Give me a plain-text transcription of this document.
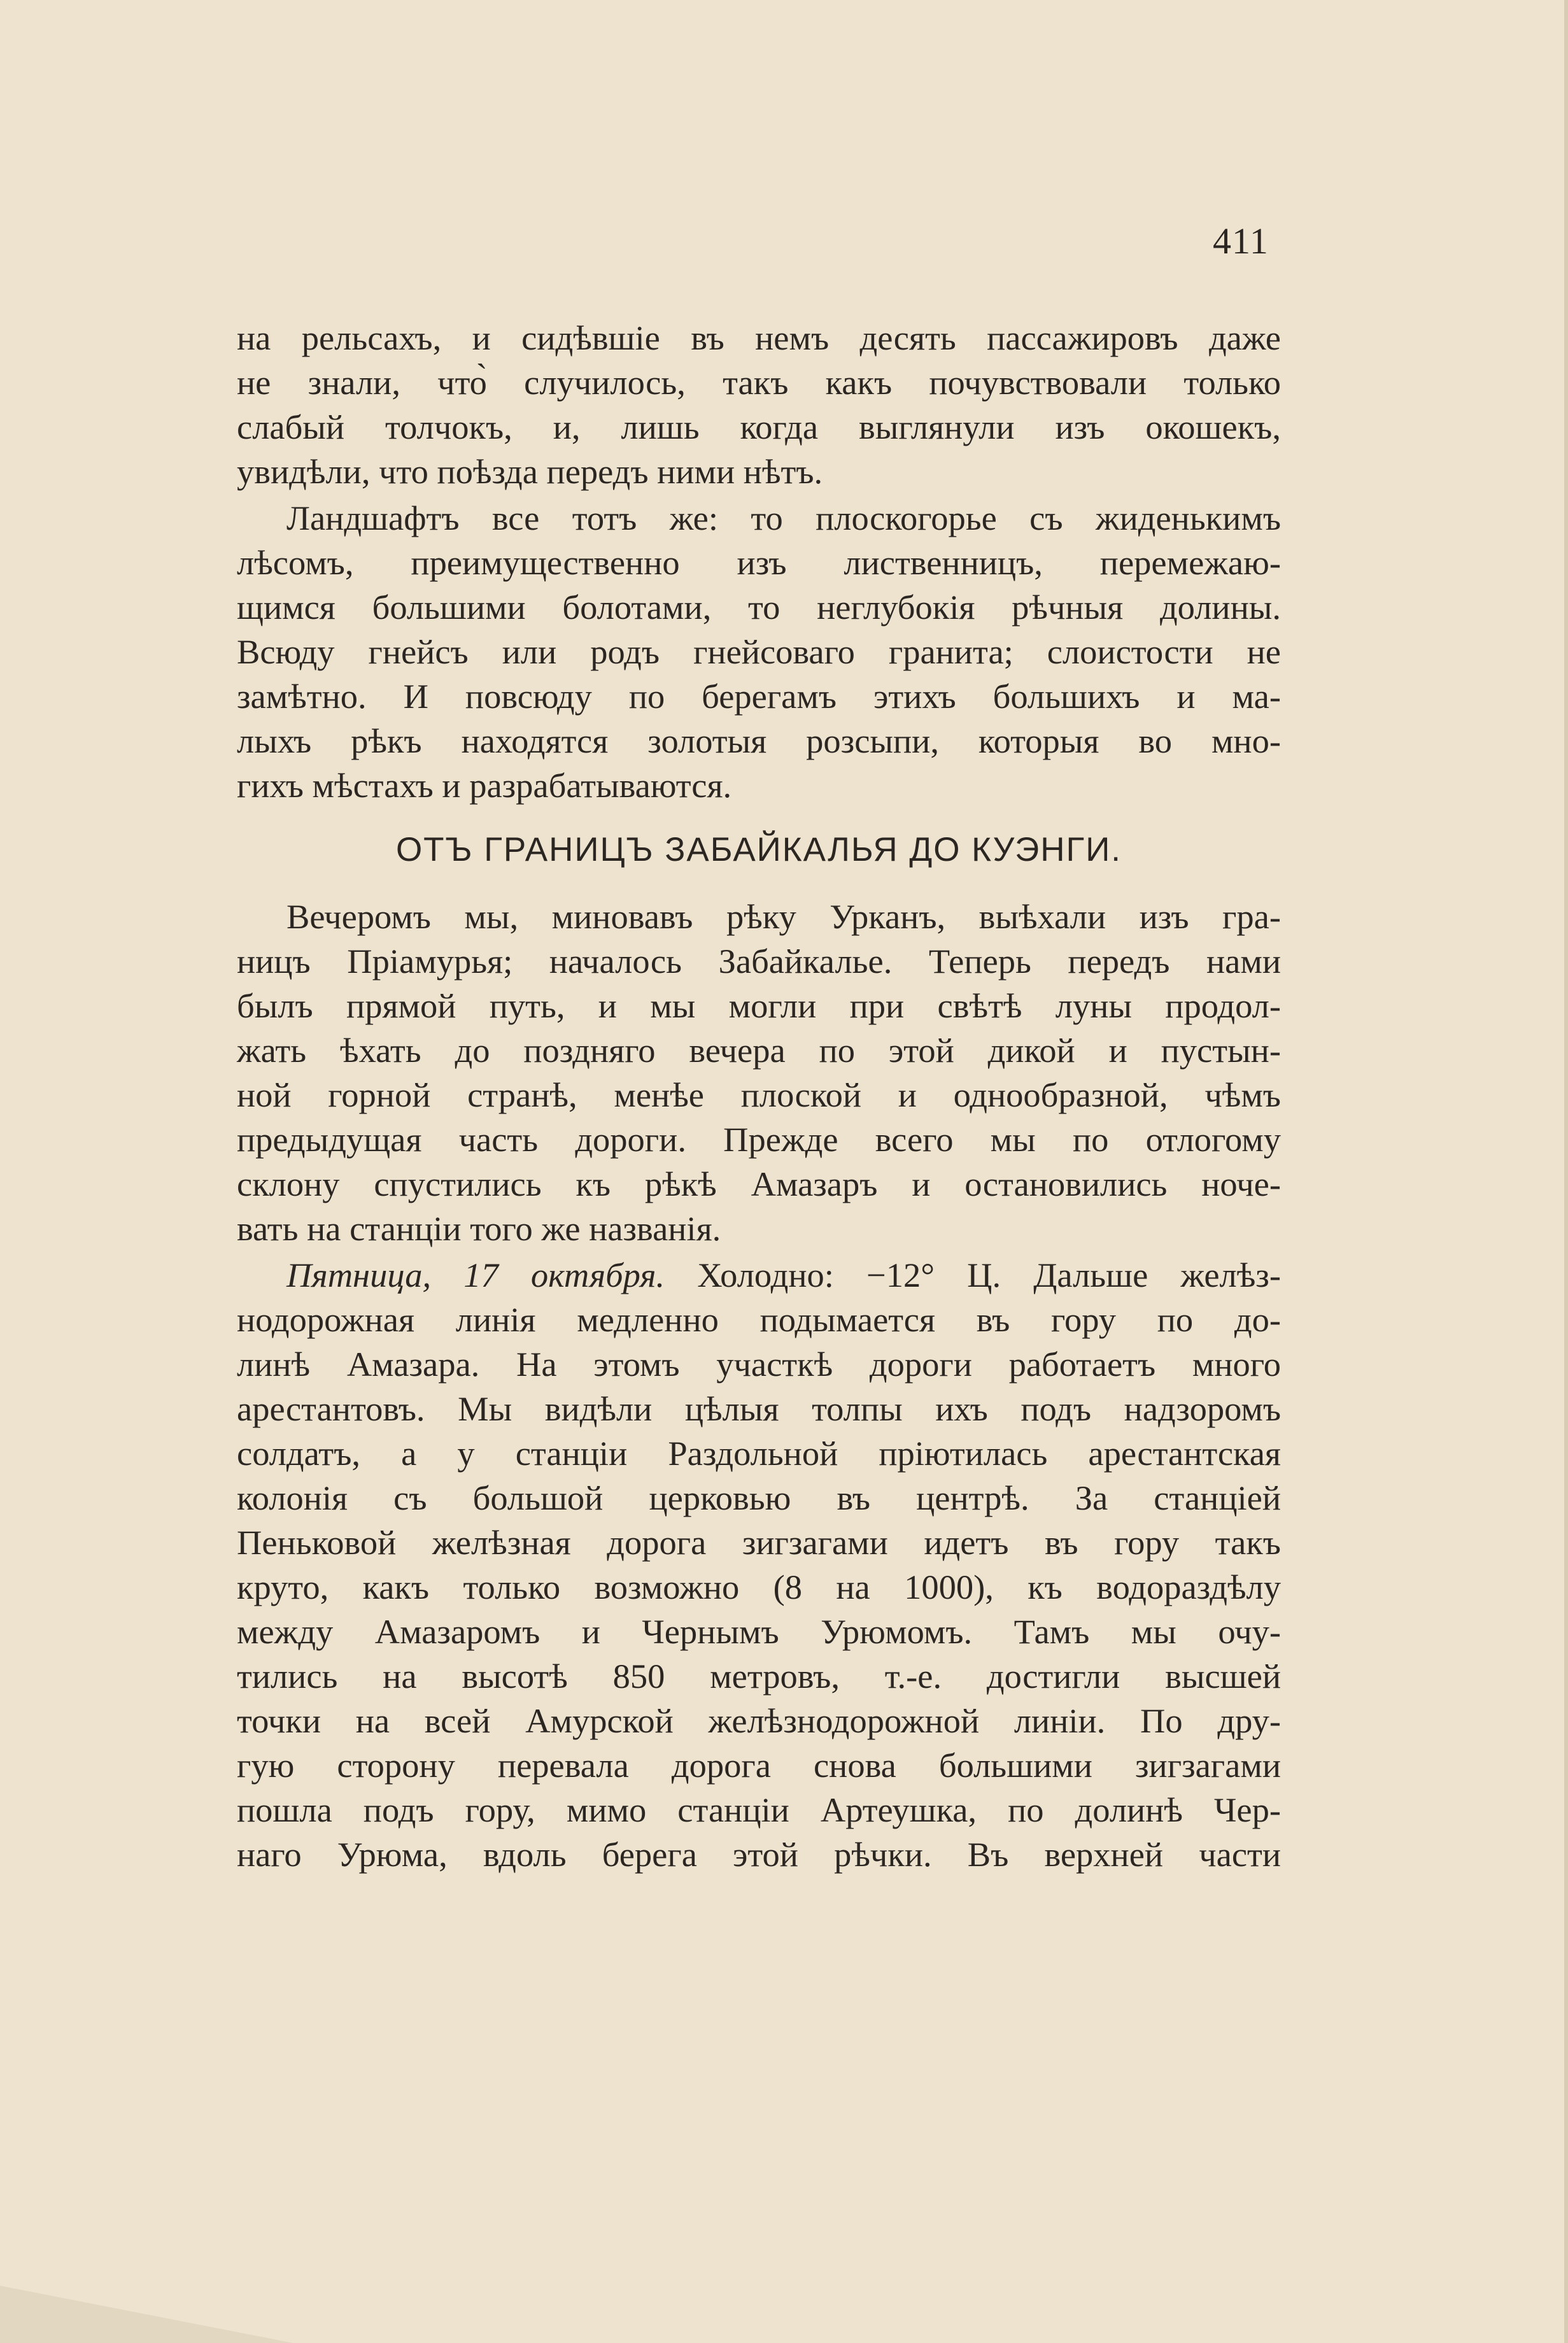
411
на рельсахъ, и сидѣвшіе въ немъ десять пассажировъ даже
не знали, что̀ случилось, такъ какъ почувствовали только
слабый толчокъ, и, лишь когда выглянули изъ окошекъ,
увидѣли, что поѣзда передъ ними нѣтъ.
Ландшафтъ все тотъ же: то плоскогорье съ жиденькимъ
лѣсомъ, преимущественно изъ лиственницъ, перемежаю-
щимся большими болотами, то неглубокія рѣчныя долины.
Всюду гнейсъ или родъ гнейсоваго гранита; слоистости не
замѣтно. И повсюду по берегамъ этихъ большихъ и ма-
лыхъ рѣкъ находятся золотыя розсыпи, которыя во мно-
гихъ мѣстахъ и разрабатываются.
ОТЪ ГРАНИЦЪ ЗАБАЙКАЛЬЯ ДО КУЭНГИ.
Вечеромъ мы, миновавъ рѣку Урканъ, выѣхали изъ гра-
ницъ Пріамурья; началось Забайкалье. Теперь передъ нами
былъ прямой путь, и мы могли при свѣтѣ луны продол-
жать ѣхать до поздняго вечера по этой дикой и пустын-
ной горной странѣ, менѣе плоской и однообразной, чѣмъ
предыдущая часть дороги. Прежде всего мы по отлогому
склону спустились къ рѣкѣ Амазаръ и остановились ноче-
вать на станціи того же названія.
Пятница, 17 октября. Холодно: −12° Ц. Дальше желѣз-
нодорожная линія медленно подымается въ гору по до-
линѣ Амазара. На этомъ участкѣ дороги работаетъ много
арестантовъ. Мы видѣли цѣлыя толпы ихъ подъ надзоромъ
солдатъ, а у станціи Раздольной пріютилась арестантская
колонія съ большой церковью въ центрѣ. За станціей
Пеньковой желѣзная дорога зигзагами идетъ въ гору такъ
круто, какъ только возможно (8 на 1000), къ водораздѣлу
между Амазаромъ и Чернымъ Урюмомъ. Тамъ мы очу-
тились на высотѣ 850 метровъ, т.-е. достигли высшей
точки на всей Амурской желѣзнодорожной линіи. По дру-
гую сторону перевала дорога снова большими зигзагами
пошла подъ гору, мимо станціи Артеушка, по долинѣ Чер-
наго Урюма, вдоль берега этой рѣчки. Въ верхней части
